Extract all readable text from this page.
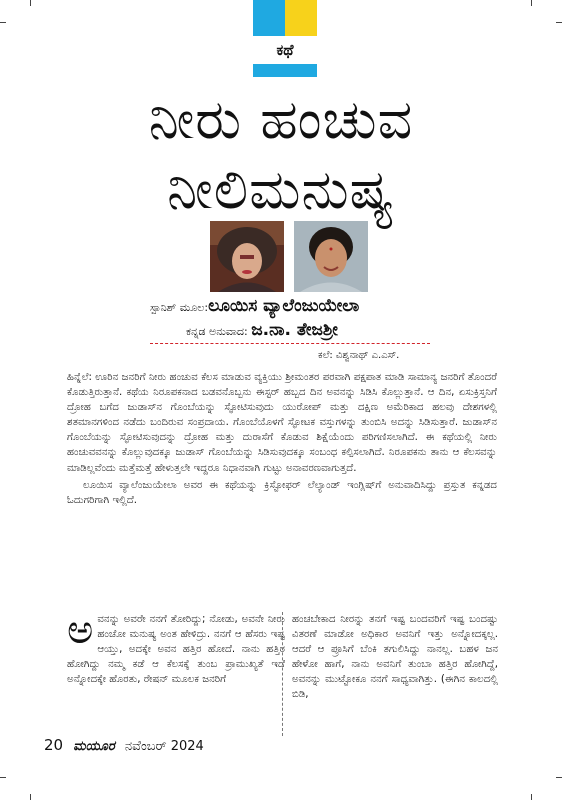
ಕಥೆ
ನೀರು ಹಂಚುವ
ನೀಲಿಮನುಷ್ಯ
ಸ್ಪಾನಿಶ್ ಮೂಲ:ಲೂಯಿಸ ವ್ಯಾಲೆಂಜುಯೇಲಾ
ಕನ್ನಡ ಅನುವಾದ: ಜ.ನಾ. ತೇಜಶ್ರೀ
ಕಲೆ: ವಿಶ್ವನಾಥ್ ಎ.ಎಸ್.

ಹಿನ್ನೆಲೆ: ಊರಿನ ಜನರಿಗೆ ನೀರು ಹಂಚುವ ಕೆಲಸ ಮಾಡುವ ವ್ಯಕ್ತಿಯು ಶ್ರೀಮಂತರ ಪರವಾಗಿ ಪಕ್ಷಪಾತ ಮಾಡಿ ಸಾಮಾನ್ಯ ಜನರಿಗೆ ತೊಂದರೆ ಕೊಡುತ್ತಿರುತ್ತಾನೆ. ಕಥೆಯ ನಿರೂಪಕನಾದ ಬಡವನೊಬ್ಬನು ಈಸ್ಟರ್ ಹಬ್ಬದ ದಿನ ಅವನನ್ನು ಸಿಡಿಸಿ ಕೊಲ್ಲುತ್ತಾನೆ. ಆ ದಿನ, ಏಸುಕ್ರಿಸ್ತನಿಗೆ ದ್ರೋಹ ಬಗೆದ ಜುಡಾಸ್‌ನ ಗೊಂಬೆಯನ್ನು ಸ್ಫೋಟಿಸುವುದು ಯುರೋಪ್ ಮತ್ತು ದಕ್ಷಿಣ ಅಮೆರಿಕಾದ ಹಲವು ದೇಶಗಳಲ್ಲಿ ಶತಮಾನಗಳಿಂದ ನಡೆದು ಬಂದಿರುವ ಸಂಪ್ರದಾಯ. ಗೊಂಬೆಯೊಳಗೆ ಸ್ಫೋಟಕ ವಸ್ತುಗಳನ್ನು ತುಂಬಿಸಿ ಅದನ್ನು ಸಿಡಿಸುತ್ತಾರೆ. ಜುಡಾಸ್‌ನ ಗೊಂಬೆಯನ್ನು ಸ್ಫೋಟಿಸುವುದನ್ನು ದ್ರೋಹ ಮತ್ತು ದುರಾಸೆಗೆ ಕೊಡುವ ಶಿಕ್ಷೆಯೆಂದು ಪರಿಗಣಿಸಲಾಗಿದೆ. ಈ ಕಥೆಯಲ್ಲಿ ನೀರು ಹಂಚುವವನನ್ನು ಕೊಲ್ಲುವುದಕ್ಕೂ ಜುಡಾಸ್ ಗೊಂಬೆಯನ್ನು ಸಿಡಿಸುವುದಕ್ಕೂ ಸಂಬಂಧ ಕಲ್ಪಿಸಲಾಗಿದೆ. ನಿರೂಪಕನು ತಾನು ಆ ಕೆಲಸವನ್ನು ಮಾಡಿಲ್ಲವೆಂದು ಮತ್ತೆಮತ್ತೆ ಹೇಳುತ್ತಲೇ ಇದ್ದರೂ ನಿಧಾನವಾಗಿ ಗುಟ್ಟು ಅನಾವರಣವಾಗುತ್ತದೆ.

ಲೂಯಿಸ ವ್ಯಾಲೆಂಜುಯೇಲಾ ಅವರ ಈ ಕಥೆಯನ್ನು ಕ್ರಿಸ್ಟೋಫರ್ ಲೆಲ್ಯಾಂಡ್ ಇಂಗ್ಲಿಷ್‌ಗೆ ಅನುವಾದಿಸಿದ್ದು ಪ್ರಸ್ತುತ ಕನ್ನಡದ ಓದುಗರಿಗಾಗಿ ಇಲ್ಲಿದೆ.

ಅವನನ್ನು ಅವರೇ ನನಗೆ ತೋರಿದ್ದು; ನೋಡು, ಅವನೇ ನೀರು ಹಂಚೋ ಮನುಷ್ಯ ಅಂತ ಹೇಳಿದ್ರು. ನನಗೆ ಆ ಹೆಸರು ಇಷ್ಟ ಆಯ್ತು, ಅದಕ್ಕೇ ಅವನ ಹತ್ತಿರ ಹೋದೆ. ನಾನು ಹತ್ತಿರ ಹೋಗಿದ್ದು ನಮ್ಮ ಕಡೆ ಆ ಕೆಲಸಕ್ಕೆ ತುಂಬ ಪ್ರಾಮುಖ್ಯತೆ ಇದೆ ಅನ್ನೋದಕ್ಕೇ ಹೊರತು, ರೇಷನ್ ಮೂಲಕ ಜನರಿಗೆ
ಹಂಚಬೇಕಾದ ನೀರನ್ನು ತನಗೆ ಇಷ್ಟ ಬಂದವರಿಗೆ ಇಷ್ಟ ಬಂದಷ್ಟು ವಿತರಣೆ ಮಾಡೋ ಅಧಿಕಾರ ಅವನಿಗೆ ಇತ್ತು ಅನ್ನೋದಕ್ಕಲ್ಲ. ಆದರೆ ಆ ಪ್ರೂಸಿಗೆ ಬೆಂಕಿ ತಗುಲಿಸಿದ್ದು ನಾನಲ್ಲ. ಬಹಳ ಜನ ಹೇಳೋ ಹಾಗೆ, ನಾನು ಅವನಿಗೆ ತುಂಬಾ ಹತ್ತಿರ ಹೋಗಿದ್ದೆ, ಅವನನ್ನು ಮುಟ್ಟೋಕೂ ನನಗೆ ಸಾಧ್ಯವಾಗಿತ್ತು. (ಈಗಿನ ಕಾಲದಲ್ಲಿ ಬಿಡಿ,
20 ಮಯೂರ ನವೆಂಬರ್ 2024
